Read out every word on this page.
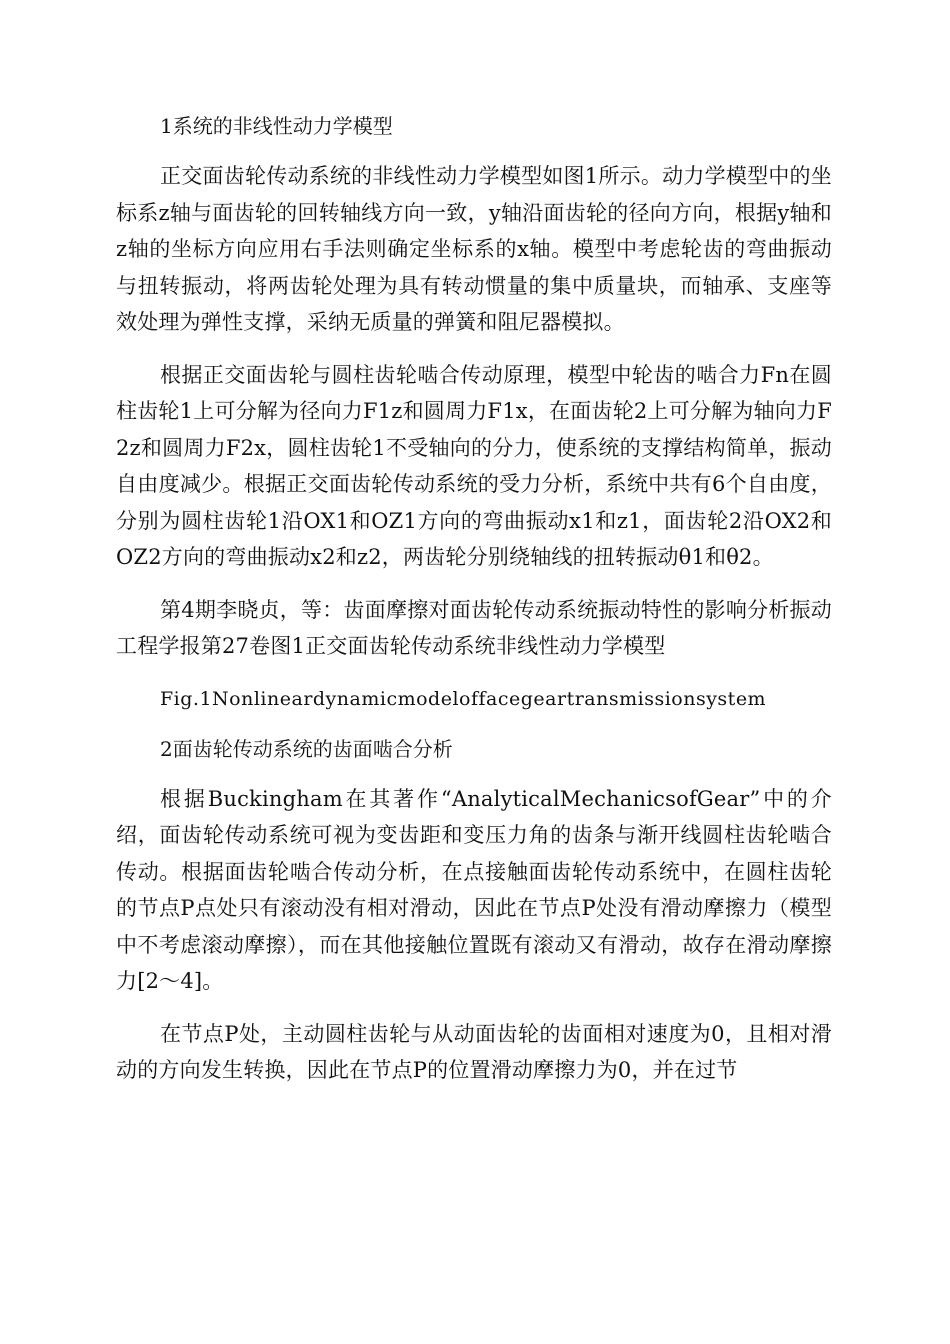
1系统的非线性动力学模型

正交面齿轮传动系统的非线性动力学模型如图1所示。动力学模型中的坐标系z轴与面齿轮的回转轴线方向一致，y轴沿面齿轮的径向方向，根据y轴和z轴的坐标方向应用右手法则确定坐标系的x轴。模型中考虑轮齿的弯曲振动与扭转振动，将两齿轮处理为具有转动惯量的集中质量块，而轴承、支座等效处理为弹性支撑，采纳无质量的弹簧和阻尼器模拟。

根据正交面齿轮与圆柱齿轮啮合传动原理，模型中轮齿的啮合力Fn在圆柱齿轮1上可分解为径向力F1z和圆周力F1x，在面齿轮2上可分解为轴向力F2z和圆周力F2x，圆柱齿轮1不受轴向的分力，使系统的支撑结构简单，振动自由度减少。根据正交面齿轮传动系统的受力分析，系统中共有6个自由度，分别为圆柱齿轮1沿OX1和OZ1方向的弯曲振动x1和z1，面齿轮2沿OX2和OZ2方向的弯曲振动x2和z2，两齿轮分别绕轴线的扭转振动θ1和θ2。

第4期李晓贞，等：齿面摩擦对面齿轮传动系统振动特性的影响分析振动工程学报第27卷图1正交面齿轮传动系统非线性动力学模型

Fig.1Nonlineardynamicmodeloffacegeartransmissionsystem

2面齿轮传动系统的齿面啮合分析

根据Buckingham在其著作“AnalyticalMechanicsofGear”中的介绍，面齿轮传动系统可视为变齿距和变压力角的齿条与渐开线圆柱齿轮啮合传动。根据面齿轮啮合传动分析，在点接触面齿轮传动系统中，在圆柱齿轮的节点P点处只有滚动没有相对滑动，因此在节点P处没有滑动摩擦力（模型中不考虑滚动摩擦），而在其他接触位置既有滚动又有滑动，故存在滑动摩擦力[2～4]。

在节点P处，主动圆柱齿轮与从动面齿轮的齿面相对速度为0，且相对滑动的方向发生转换，因此在节点P的位置滑动摩擦力为0，并在过节
